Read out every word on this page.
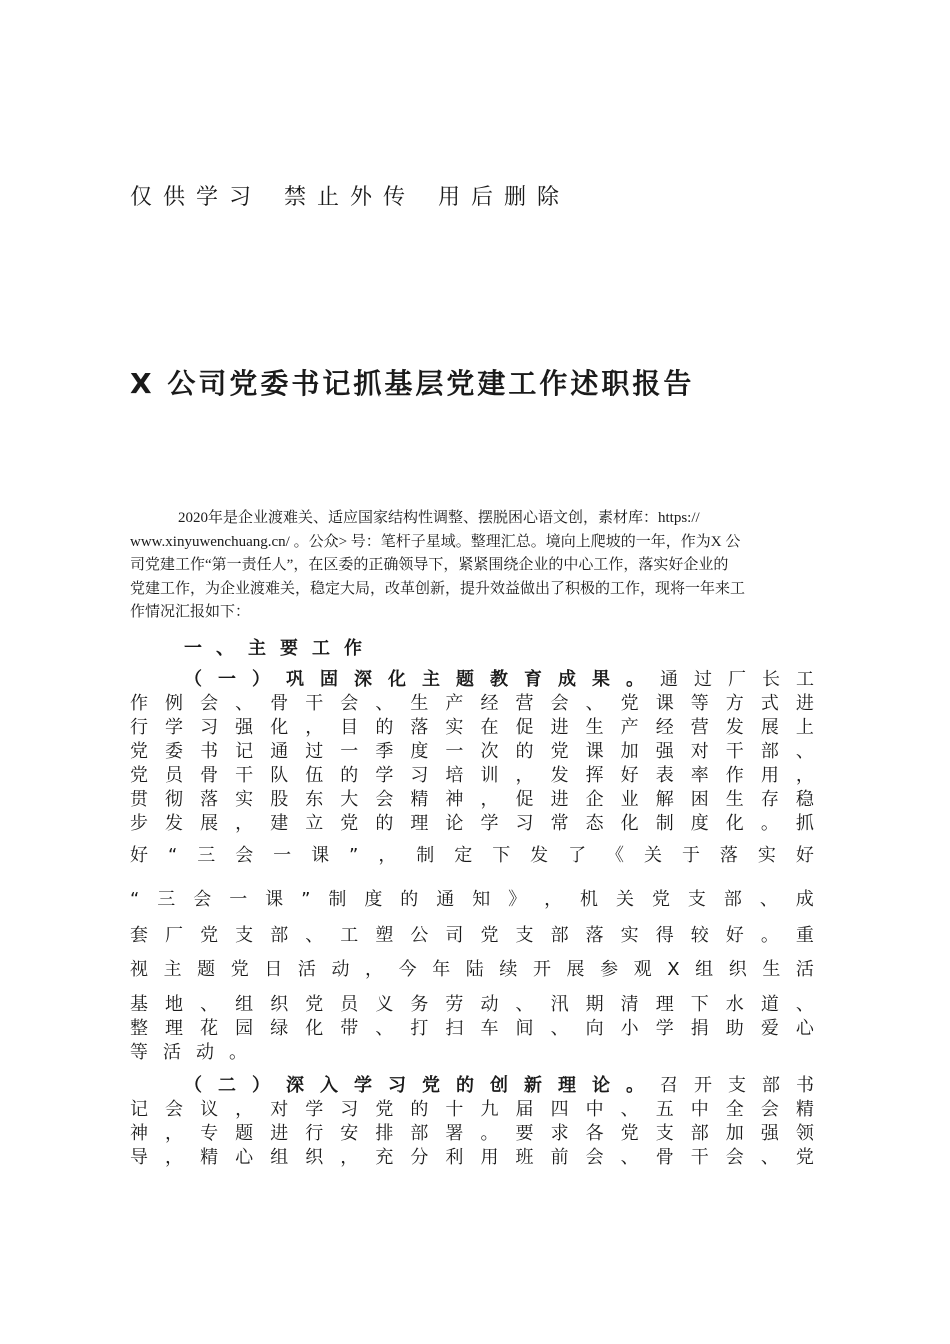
仅供学习 禁止外传 用后删除
X 公司党委书记抓基层党建工作述职报告
2020年是企业渡难关、适应国家结构性调整、摆脱困心语文创，素材库：https://
www.xinyuwenchuang.cn/ 。公众> 号：笔杆子星域。整理汇总。境向上爬坡的一年，作为X 公
司党建工作“第一责任人”，在区委的正确领导下，紧紧围绕企业的中心工作，落实好企业的
党建工作，为企业渡难关，稳定大局，改革创新，提升效益做出了积极的工作，现将一年来工
作情况汇报如下：
一、主要工作
（ 一 ） 巩 固 深 化 主 题 教 育 成 果 。 通 过 厂 长 工
作 例 会 、 骨 干 会 、 生 产 经 营 会 、 党 课 等 方 式 进
行 学 习 强 化 ， 目 的 落 实 在 促 进 生 产 经 营 发 展 上
党 委 书 记 通 过 一 季 度 一 次 的 党 课 加 强 对 干 部 、
党 员 骨 干 队 伍 的 学 习 培 训 ， 发 挥 好 表 率 作 用 ，
贯 彻 落 实 股 东 大 会 精 神 ， 促 进 企 业 解 困 生 存 稳
步 发 展 ， 建 立 党 的 理 论 学 习 常 态 化 制 度 化 。 抓
好 “ 三 会 一 课 ” ， 制 定 下 发 了 《 关 于 落 实 好
“ 三 会 一 课 ” 制 度 的 通 知 》 ， 机 关 党 支 部 、 成
套 厂 党 支 部 、 工 塑 公 司 党 支 部 落 实 得 较 好 。 重
视 主 题 党 日 活 动 ， 今 年 陆 续 开 展 参 观 X 组 织 生 活
基 地 、 组 织 党 员 义 务 劳 动 、 汛 期 清 理 下 水 道 、
整 理 花 园 绿 化 带 、 打 扫 车 间 、 向 小 学 捐 助 爱 心
等活动。
（ 二 ） 深 入 学 习 党 的 创 新 理 论 。 召 开 支 部 书
记 会 议 ， 对 学 习 党 的 十 九 届 四 中 、 五 中 全 会 精
神 ， 专 题 进 行 安 排 部 署 。 要 求 各 党 支 部 加 强 领
导 ， 精 心 组 织 ， 充 分 利 用 班 前 会 、 骨 干 会 、 党
